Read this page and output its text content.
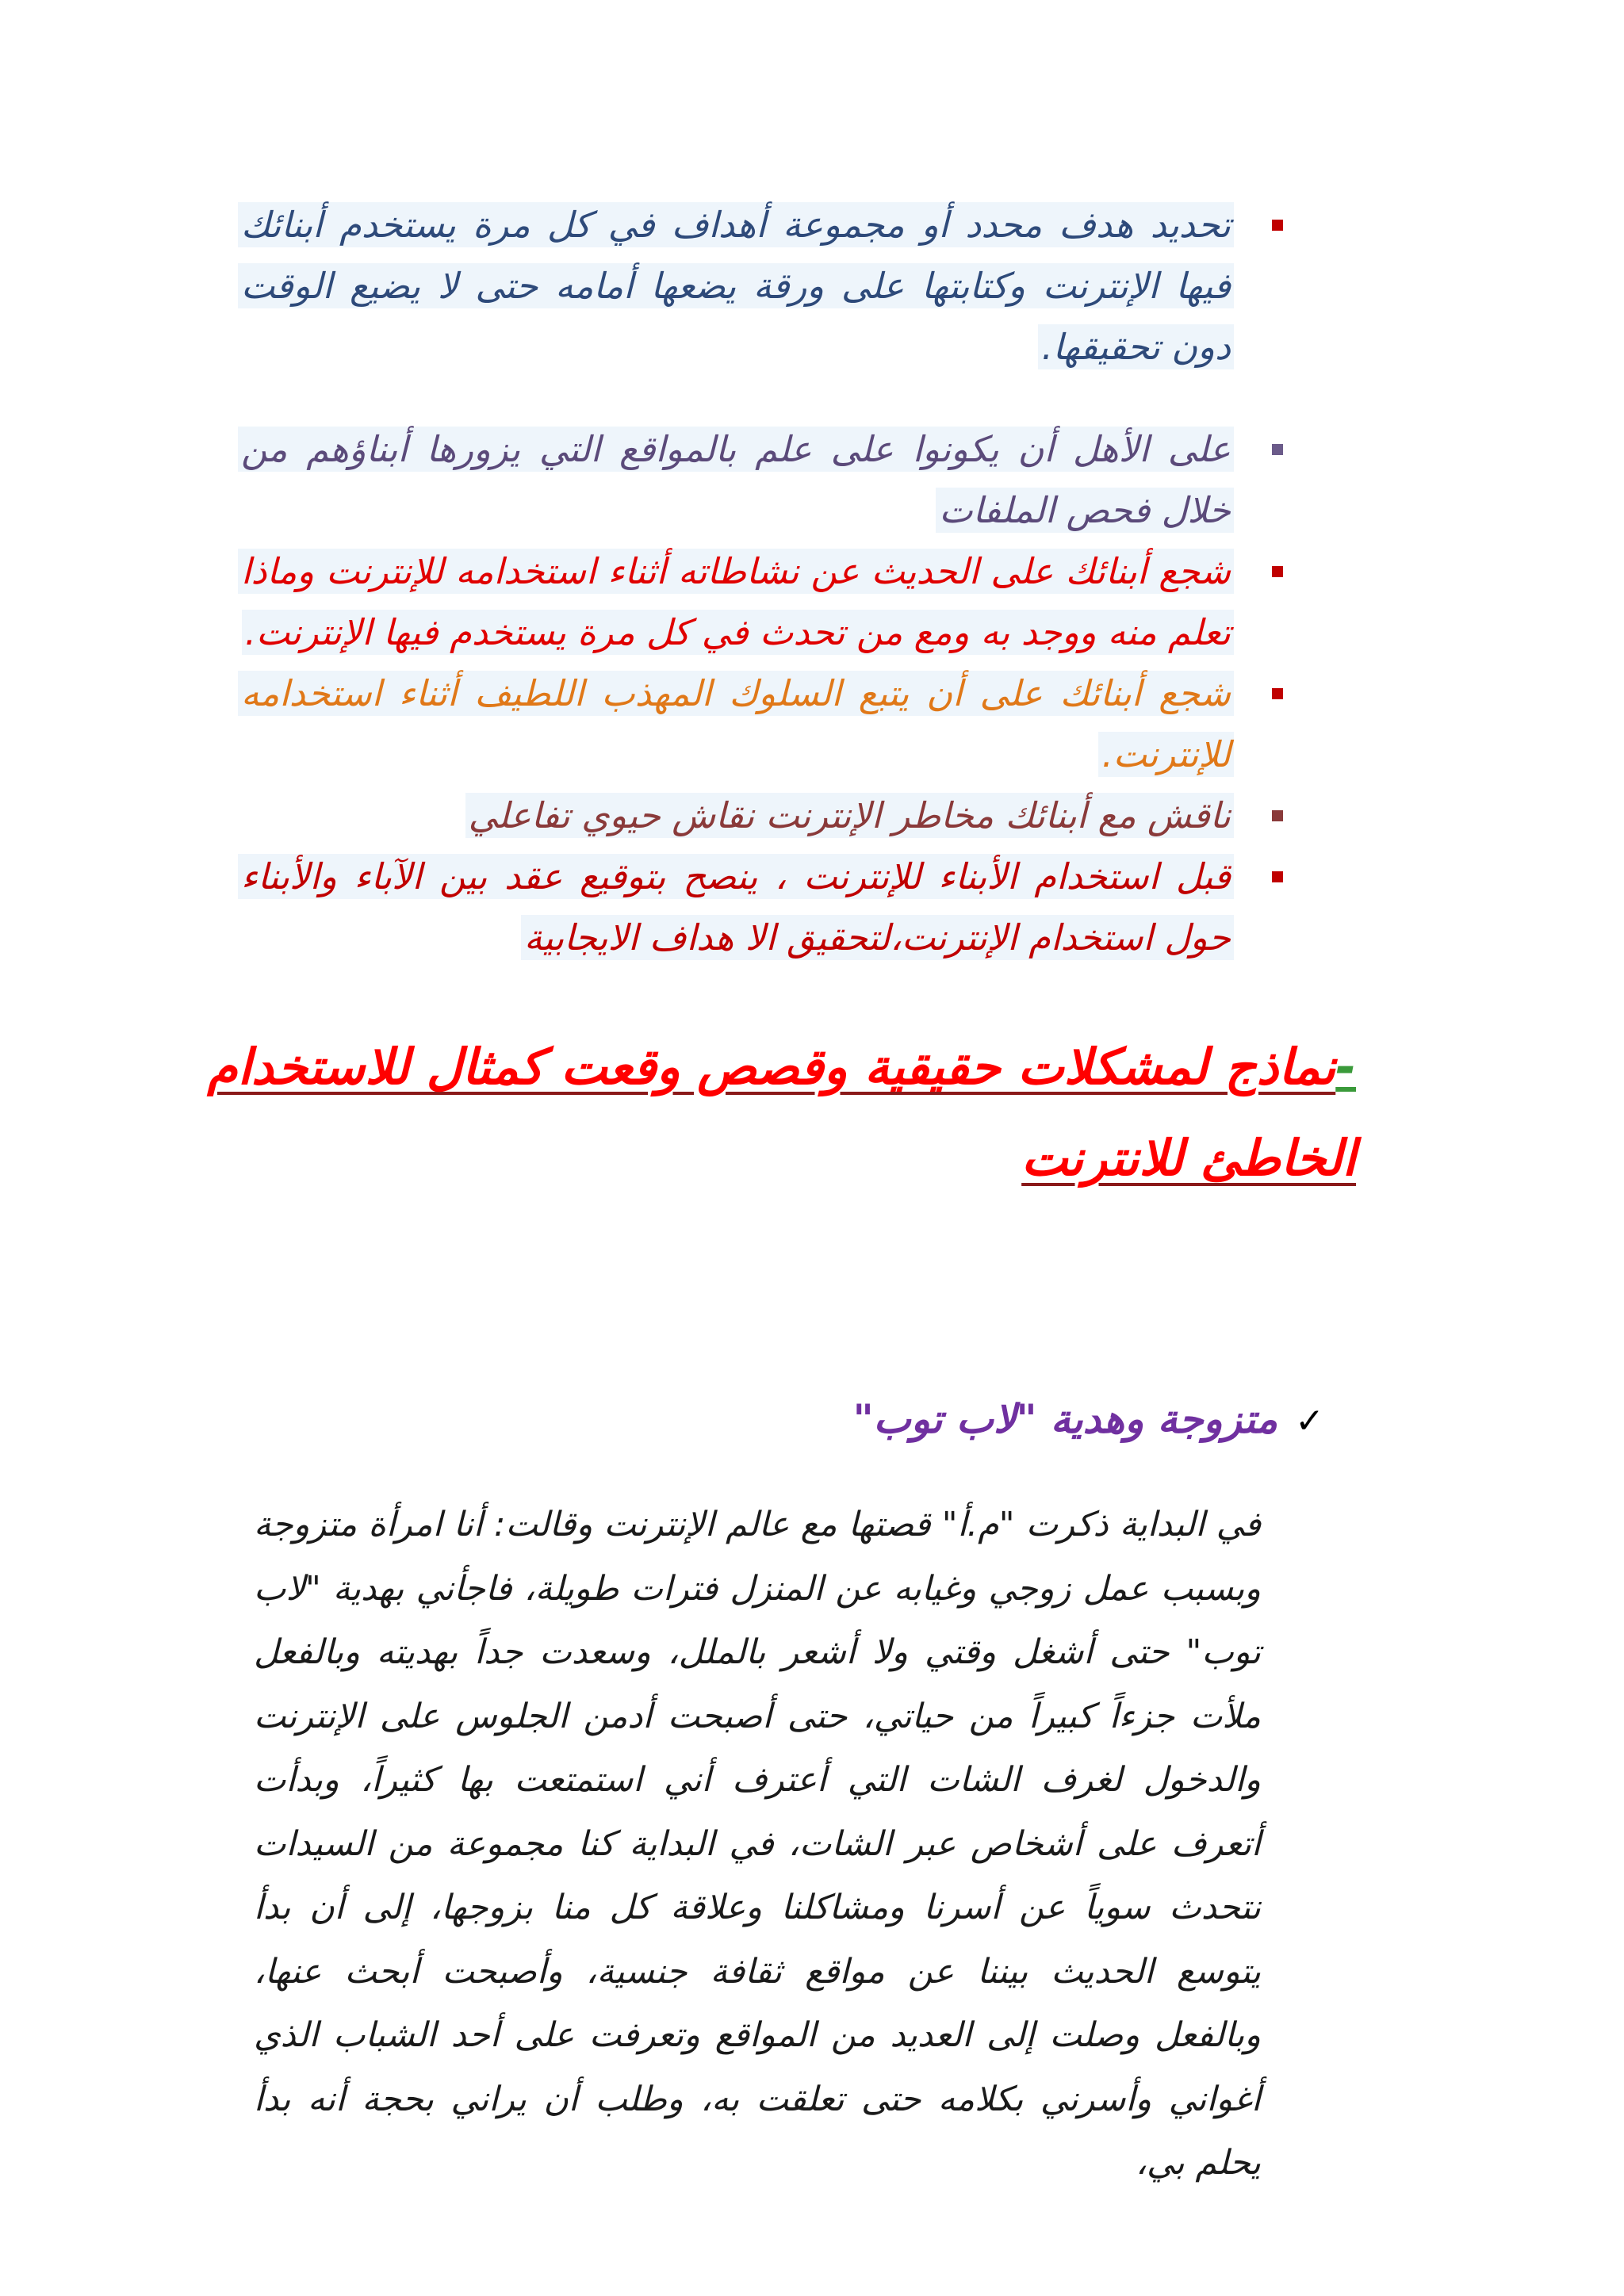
تحديد هدف محدد أو مجموعة أهداف في كل مرة يستخدم أبنائك فيها الإنترنت وكتابتها على ورقة يضعها أمامه حتى لا يضيع الوقت دون تحقيقها.
على الأهل أن يكونوا على علم بالمواقع التي يزورها أبناؤهم من خلال فحص الملفات
شجع أبنائك على الحديث عن نشاطاته أثناء استخدامه للإنترنت وماذا تعلم منه ووجد به ومع من تحدث في كل مرة يستخدم فيها الإنترنت.
شجع أبنائك على أن يتبع السلوك المهذب اللطيف أثناء استخدامه للإنترنت.
ناقش مع أبنائك مخاطر الإنترنت نقاش حيوي تفاعلي
قبل استخدام الأبناء للإنترنت ، ينصح بتوقيع عقد بين الآباء والأبناء حول استخدام الإنترنت،لتحقيق الا هداف الايجابية
-نماذج لمشكلات حقيقية وقصص وقعت كمثال للاستخدام
الخاطئ للانترنت
✓متزوجة وهدية "لاب توب"

في البداية ذكرت "م.أ" قصتها مع عالم الإنترنت وقالت: أنا امرأة متزوجة وبسبب عمل زوجي وغيابه عن المنزل فترات طويلة، فاجأني بهدية "لاب توب" حتى أشغل وقتي ولا أشعر بالملل، وسعدت جداً بهديته وبالفعل ملأت جزءاً كبيراً من حياتي، حتى أصبحت أدمن الجلوس على الإنترنت والدخول لغرف الشات التي أعترف أني استمتعت بها كثيراً، وبدأت أتعرف على أشخاص عبر الشات، في البداية كنا مجموعة من السيدات نتحدث سوياً عن أسرنا ومشاكلنا وعلاقة كل منا بزوجها، إلى أن بدأ يتوسع الحديث بيننا عن مواقع ثقافة جنسية، وأصبحت أبحث عنها، وبالفعل وصلت إلى العديد من المواقع وتعرفت على أحد الشباب الذي أغواني وأسرني بكلامه حتى تعلقت به، وطلب أن يراني بحجة أنه بدأ يحلم بي،
